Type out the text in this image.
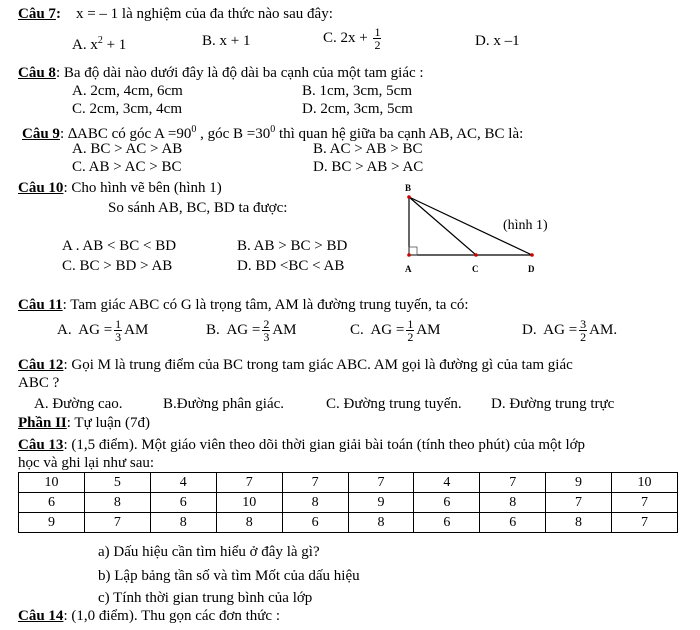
Câu 7: x = – 1 là nghiệm của đa thức nào sau đây:
A. $x^2 + 1$	B. x + 1	C. $2x + \frac{1}{2}$	D. x –1
Câu 8: Ba độ dài nào dưới đây là độ dài ba cạnh của một tam giác :
A. 2cm, 4cm, 6cm	B. 1cm, 3cm, 5cm
C. 2cm, 3cm, 4cm	D. 2cm, 3cm, 5cm
Câu 9: ∆ABC có góc $A =90^0$ , góc $B =30^0$ thì quan hệ giữa ba cạnh AB, AC, BC là:
A. BC > AC > AB	B. AC > AB > BC
C. AB > AC > BC	D. BC > AB > AC
Câu 10: Cho hình vẽ bên (hình 1)
So sánh AB, BC, BD ta được:
A . AB < BC < BD	B. AB > BC > BD
C. BC > BD > AB	D. BD <BC < AB
B
A	C	D
(hình 1)
Câu 11: Tam giác ABC có G là trọng tâm, AM là đường trung tuyến, ta có:
A. AG = $\frac{1}{3}$ AM	B. AG = $\frac{2}{3}$ AM	C. AG = $\frac{1}{2}$ AM	D. AG = $\frac{3}{2}$ AM.
Câu 12: Gọi M là trung điểm của BC trong tam giác ABC. AM gọi là đường gì của tam giác
ABC ?
A. Đường cao.	B.Đường phân giác.	C. Đường trung tuyến. D. Đường trung trực
Phần II: Tự luận (7đ)
Câu 13: (1,5 điểm). Một giáo viên theo dõi thời gian giải bài toán (tính theo phút) của một lớp
học và ghi lại như sau:
10	5	4	7	7	7	4	7	9	10
6	8	6	10	8	9	6	8	7	7
9	7	8	8	6	8	6	6	8	7
a) Dấu hiệu cần tìm hiểu ở đây là gì?
b) Lập bảng tần số và tìm Mốt của dấu hiệu
c) Tính thời gian trung bình của lớp
Câu 14: (1,0 điểm). Thu gọn các đơn thức :
